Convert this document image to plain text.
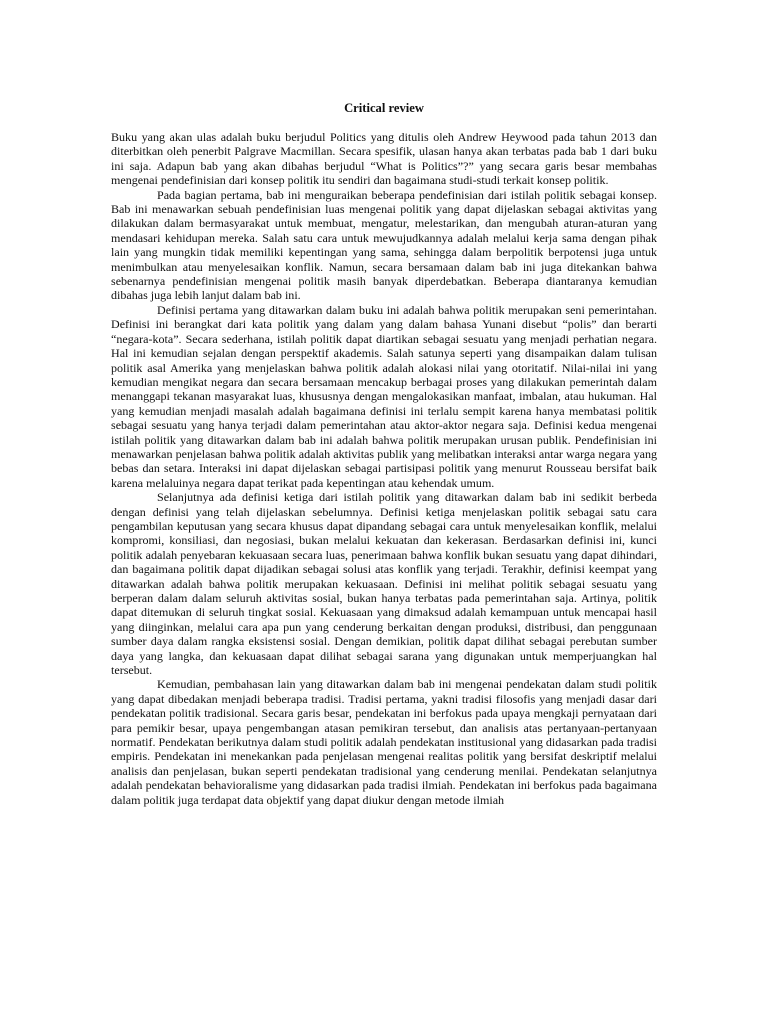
Critical review

Buku yang akan ulas adalah buku berjudul Politics yang ditulis oleh Andrew Heywood pada tahun 2013 dan diterbitkan oleh penerbit Palgrave Macmillan. Secara spesifik, ulasan hanya akan terbatas pada bab 1 dari buku ini saja. Adapun bab yang akan dibahas berjudul “What is Politics”?” yang secara garis besar membahas mengenai pendefinisian dari konsep politik itu sendiri dan bagaimana studi-studi terkait konsep politik.

Pada bagian pertama, bab ini menguraikan beberapa pendefinisian dari istilah politik sebagai konsep. Bab ini menawarkan sebuah pendefinisian luas mengenai politik yang dapat dijelaskan sebagai aktivitas yang dilakukan dalam bermasyarakat untuk membuat, mengatur, melestarikan, dan mengubah aturan-aturan yang mendasari kehidupan mereka. Salah satu cara untuk mewujudkannya adalah melalui kerja sama dengan pihak lain yang mungkin tidak memiliki kepentingan yang sama, sehingga dalam berpolitik berpotensi juga untuk menimbulkan atau menyelesaikan konflik. Namun, secara bersamaan dalam bab ini juga ditekankan bahwa sebenarnya pendefinisian mengenai politik masih banyak diperdebatkan. Beberapa diantaranya kemudian dibahas juga lebih lanjut dalam bab ini.

Definisi pertama yang ditawarkan dalam buku ini adalah bahwa politik merupakan seni pemerintahan. Definisi ini berangkat dari kata politik yang dalam yang dalam bahasa Yunani disebut “polis” dan berarti “negara-kota”. Secara sederhana, istilah politik dapat diartikan sebagai sesuatu yang menjadi perhatian negara. Hal ini kemudian sejalan dengan perspektif akademis. Salah satunya seperti yang disampaikan dalam tulisan politik asal Amerika yang menjelaskan bahwa politik adalah alokasi nilai yang otoritatif. Nilai-nilai ini yang kemudian mengikat negara dan secara bersamaan mencakup berbagai proses yang dilakukan pemerintah dalam menanggapi tekanan masyarakat luas, khususnya dengan mengalokasikan manfaat, imbalan, atau hukuman. Hal yang kemudian menjadi masalah adalah bagaimana definisi ini terlalu sempit karena hanya membatasi politik sebagai sesuatu yang hanya terjadi dalam pemerintahan atau aktor-aktor negara saja. Definisi kedua mengenai istilah politik yang ditawarkan dalam bab ini adalah bahwa politik merupakan urusan publik. Pendefinisian ini menawarkan penjelasan bahwa politik adalah aktivitas publik yang melibatkan interaksi antar warga negara yang bebas dan setara. Interaksi ini dapat dijelaskan sebagai partisipasi politik yang menurut Rousseau bersifat baik karena melaluinya negara dapat terikat pada kepentingan atau kehendak umum.

Selanjutnya ada definisi ketiga dari istilah politik yang ditawarkan dalam bab ini sedikit berbeda dengan definisi yang telah dijelaskan sebelumnya. Definisi ketiga menjelaskan politik sebagai satu cara pengambilan keputusan yang secara khusus dapat dipandang sebagai cara untuk menyelesaikan konflik, melalui kompromi, konsiliasi, dan negosiasi, bukan melalui kekuatan dan kekerasan. Berdasarkan definisi ini, kunci politik adalah penyebaran kekuasaan secara luas, penerimaan bahwa konflik bukan sesuatu yang dapat dihindari, dan bagaimana politik dapat dijadikan sebagai solusi atas konflik yang terjadi. Terakhir, definisi keempat yang ditawarkan adalah bahwa politik merupakan kekuasaan. Definisi ini melihat politik sebagai sesuatu yang berperan dalam dalam seluruh aktivitas sosial, bukan hanya terbatas pada pemerintahan saja. Artinya, politik dapat ditemukan di seluruh tingkat sosial. Kekuasaan yang dimaksud adalah kemampuan untuk mencapai hasil yang diinginkan, melalui cara apa pun yang cenderung berkaitan dengan produksi, distribusi, dan penggunaan sumber daya dalam rangka eksistensi sosial. Dengan demikian, politik dapat dilihat sebagai perebutan sumber daya yang langka, dan kekuasaan dapat dilihat sebagai sarana yang digunakan untuk memperjuangkan hal tersebut.

Kemudian, pembahasan lain yang ditawarkan dalam bab ini mengenai pendekatan dalam studi politik yang dapat dibedakan menjadi beberapa tradisi. Tradisi pertama, yakni tradisi filosofis yang menjadi dasar dari pendekatan politik tradisional. Secara garis besar, pendekatan ini berfokus pada upaya mengkaji pernyataan dari para pemikir besar, upaya pengembangan atasan pemikiran tersebut, dan analisis atas pertanyaan-pertanyaan normatif. Pendekatan berikutnya dalam studi politik adalah pendekatan institusional yang didasarkan pada tradisi empiris. Pendekatan ini menekankan pada penjelasan mengenai realitas politik yang bersifat deskriptif melalui analisis dan penjelasan, bukan seperti pendekatan tradisional yang cenderung menilai. Pendekatan selanjutnya adalah pendekatan behavioralisme yang didasarkan pada tradisi ilmiah. Pendekatan ini berfokus pada bagaimana dalam politik juga terdapat data objektif yang dapat diukur dengan metode ilmiah
